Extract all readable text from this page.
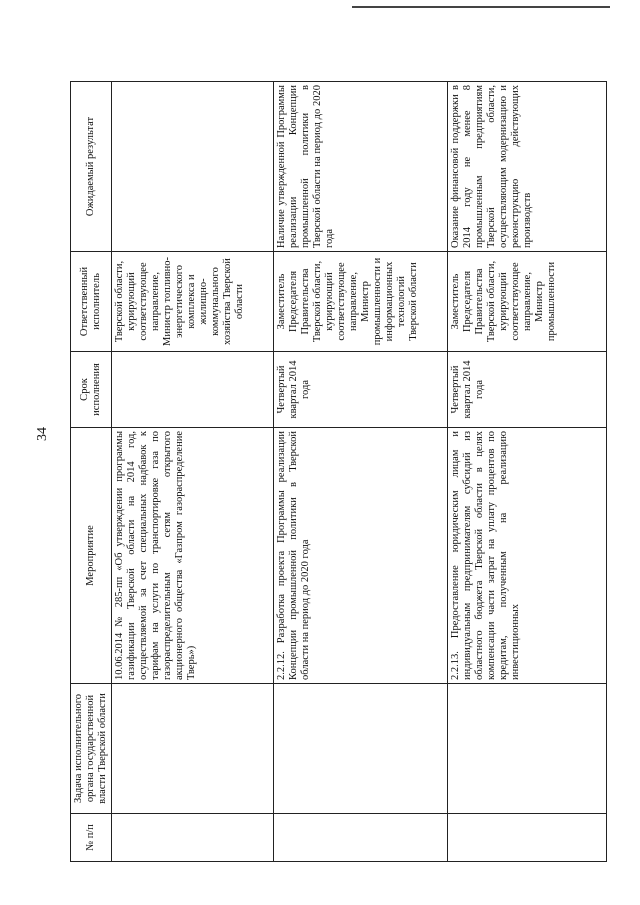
34
№ п/п	Задача исполнительного органа государственной власти Тверской области	Мероприятие	Срок исполнения	Ответственный исполнитель	Ожидаемый результат
		10.06.2014 № 285-пп «Об утверждении программы газификации Тверской области на 2014 год, осуществляемой за счет специальных надбавок к тарифам на услуги по транспортировке газа по газораспределительным сетям открытого акционерного общества «Газпром газораспределение Тверь»)		Тверской области, курирующий соответствующее направление, Министр топливно-энергетического комплекса и жилищно-коммунального хозяйства Тверской области	
		2.2.12. Разработка проекта Программы реализации Концепции промышленной политики в Тверской области на период до 2020 года	Четвертый квартал 2014 года	Заместитель Председателя Правительства Тверской области, курирующий соответствующее направление, Министр промышленности и информационных технологий Тверской области	Наличие утвержденной Программы реализации Концепции промышленной политики в Тверской области на период до 2020 года
		2.2.13. Предоставление юридическим лицам и индивидуальным предпринимателям субсидий из областного бюджета Тверской области в целях компенсации части затрат на уплату процентов по кредитам, полученным на реализацию инвестиционных	Четвертый квартал 2014 года	Заместитель Председателя Правительства Тверской области, курирующий соответствующее направление, Министр промышленности	Оказание финансовой поддержки в 2014 году не менее 8 промышленным предприятиям Тверской области, осуществляющим модернизацию и реконструкцию действующих производств
